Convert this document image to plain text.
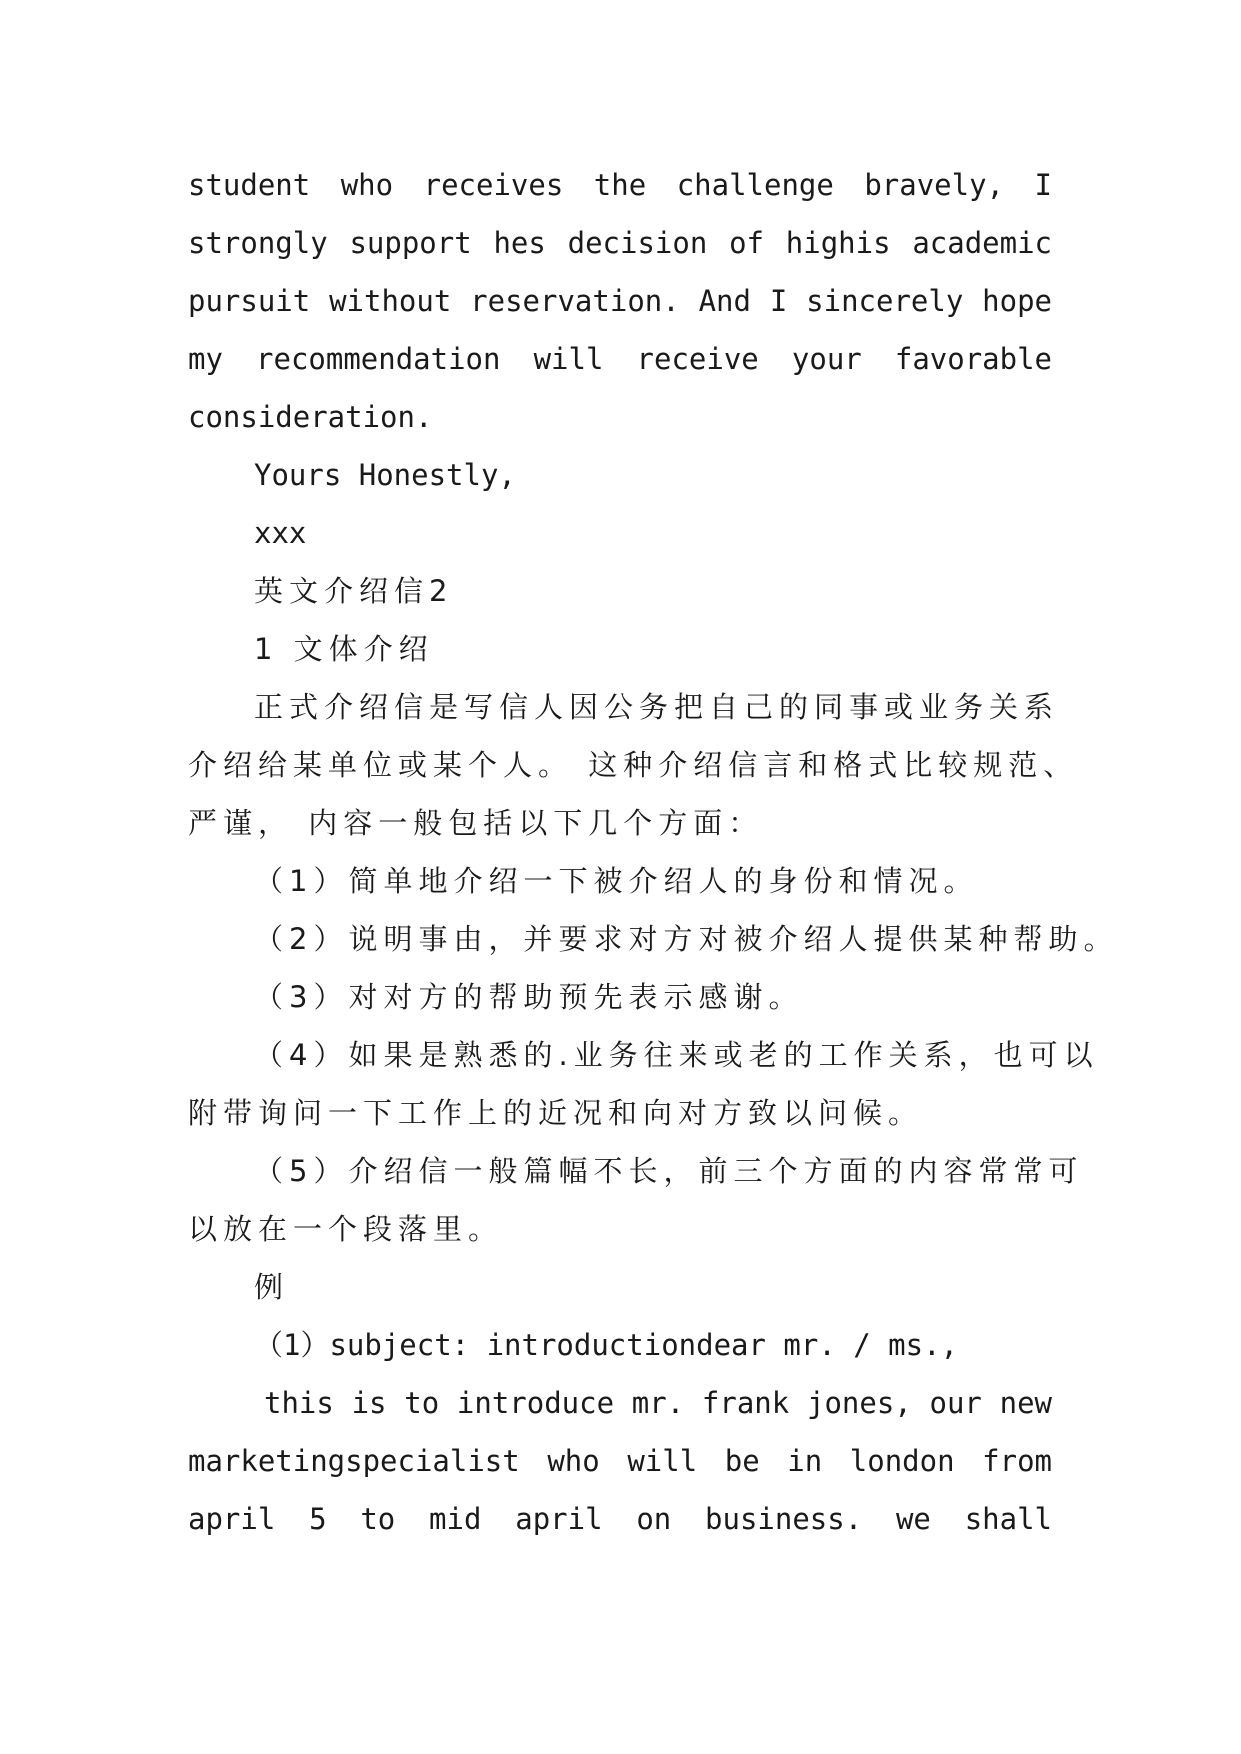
student who receives the challenge bravely, I
strongly support hes decision of highis academic
pursuit without reservation. And I sincerely hope
my recommendation will receive your favorable
consideration.
Yours Honestly,
xxx
英文介绍信2
1 文体介绍
正式介绍信是写信人因公务把自己的同事或业务关系
介绍给某单位或某个人。 这种介绍信言和格式比较规范、
严谨， 内容一般包括以下几个方面：
（1）简单地介绍一下被介绍人的身份和情况。
（2）说明事由，并要求对方对被介绍人提供某种帮助。
（3）对对方的帮助预先表示感谢。
（4）如果是熟悉的.业务往来或老的工作关系，也可以
附带询问一下工作上的近况和向对方致以问候。
（5）介绍信一般篇幅不长，前三个方面的内容常常可
以放在一个段落里。
例
（1）subject: introductiondear mr. / ms.,
this is to introduce mr. frank jones, our new
marketingspecialist who will be in london from
april 5 to mid april on business. we shall
